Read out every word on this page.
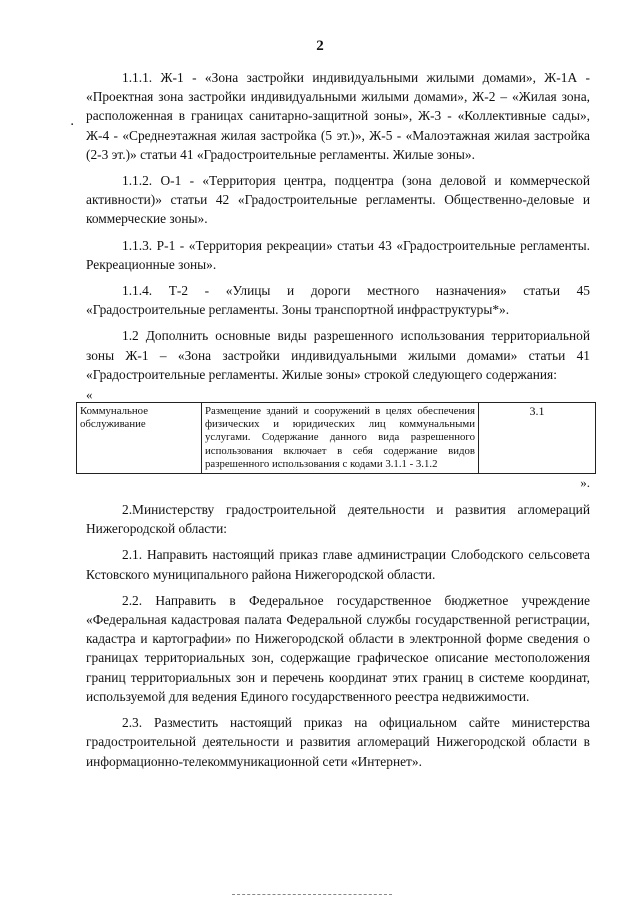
2
․

1.1.1. Ж-1 - «Зона застройки индивидуальными жилыми домами», Ж-1А - «Проектная зона застройки индивидуальными жилыми домами», Ж-2 – «Жилая зона, расположенная в границах санитарно-защитной зоны», Ж-3 - «Коллективные сады», Ж-4 - «Среднеэтажная жилая застройка (5 эт.)», Ж-5 - «Малоэтажная жилая застройка (2-3 эт.)» статьи 41 «Градостроительные регламенты. Жилые зоны».

1.1.2. О-1 - «Территория центра, подцентра (зона деловой и коммерческой активности)» статьи 42 «Градостроительные регламенты. Общественно-деловые и коммерческие зоны».

1.1.3. Р-1 - «Территория рекреации» статьи 43 «Градостроительные регламенты. Рекреационные зоны».

1.1.4. Т-2 - «Улицы и дороги местного назначения» статьи 45 «Градостроительные регламенты. Зоны транспортной инфраструктуры*».

1.2 Дополнить основные виды разрешенного использования территориальной зоны Ж-1 – «Зона застройки индивидуальными жилыми домами» статьи 41 «Градостроительные регламенты. Жилые зоны» строкой следующего содержания:

«

Коммунальное обслуживание	Размещение зданий и сооружений в целях обеспечения физических и юридических лиц коммунальными услугами. Содержание данного вида разрешенного использования включает в себя содержание видов разрешенного использования с кодами 3.1.1 - 3.1.2	3.1

».

2.Министерству градостроительной деятельности и развития агломераций Нижегородской области:

2.1. Направить настоящий приказ главе администрации Слободского сельсовета Кстовского муниципального района Нижегородской области.

2.2. Направить в Федеральное государственное бюджетное учреждение «Федеральная кадастровая палата Федеральной службы государственной регистрации, кадастра и картографии» по Нижегородской области в электронной форме сведения о границах территориальных зон, содержащие графическое описание местоположения границ территориальных зон и перечень координат этих границ в системе координат, используемой для ведения Единого государственного реестра недвижимости.

2.3. Разместить настоящий приказ на официальном сайте министерства градостроительной деятельности и развития агломераций Нижегородской области в информационно-телекоммуникационной сети «Интернет».
